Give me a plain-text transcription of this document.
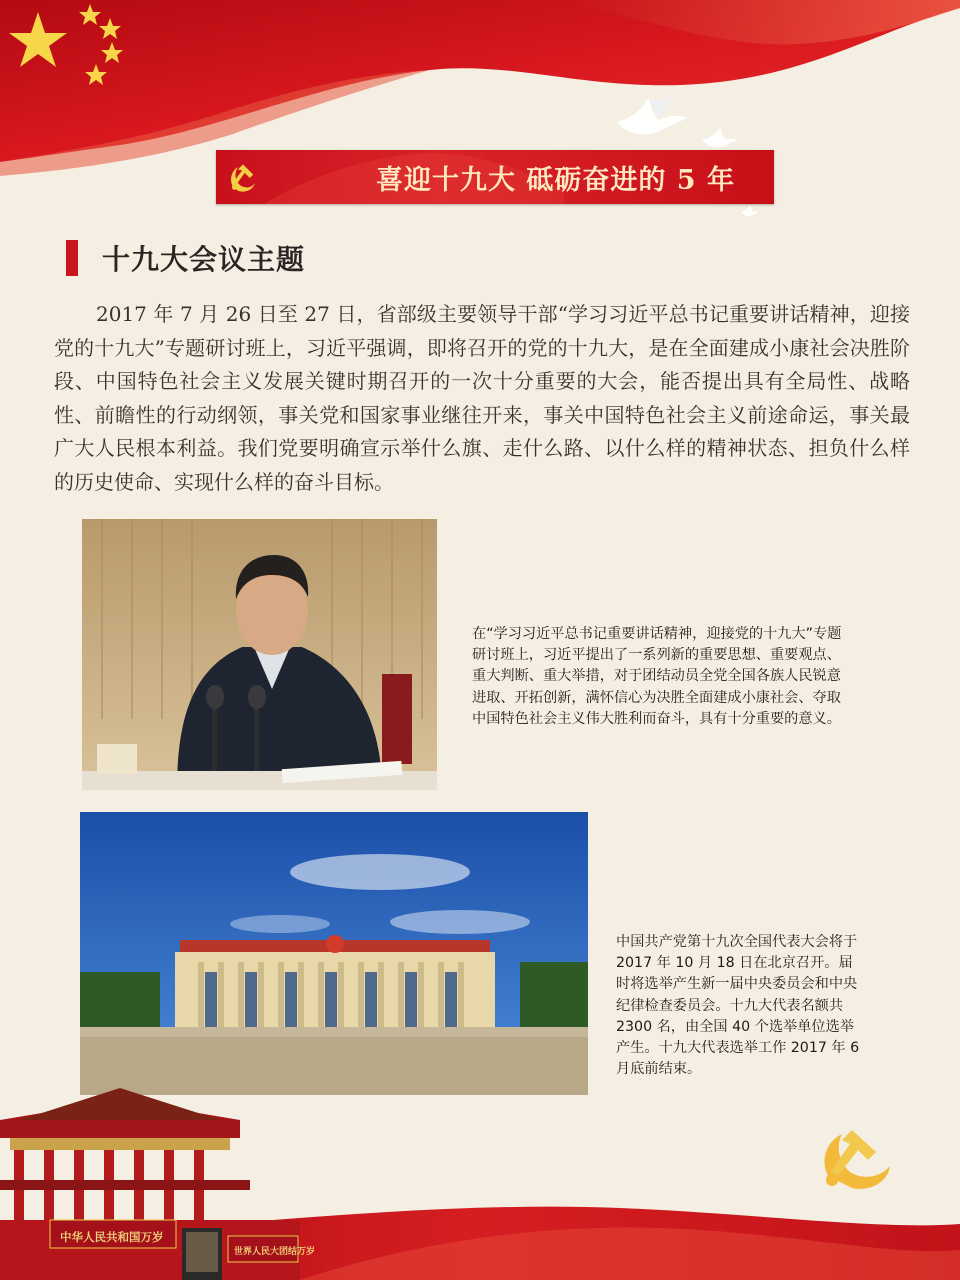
喜迎十九大 砥砺奋进的 5 年
十九大会议主题
2017 年 7 月 26 日至 27 日，省部级主要领导干部“学习习近平总书记重要讲话精神，迎接党的十九大”专题研讨班上，习近平强调，即将召开的党的十九大，是在全面建成小康社会决胜阶段、中国特色社会主义发展关键时期召开的一次十分重要的大会，能否提出具有全局性、战略性、前瞻性的行动纲领，事关党和国家事业继往开来，事关中国特色社会主义前途命运，事关最广大人民根本利益。我们党要明确宣示举什么旗、走什么路、以什么样的精神状态、担负什么样的历史使命、实现什么样的奋斗目标。
在“学习习近平总书记重要讲话精神，迎接党的十九大”专题研讨班上，习近平提出了一系列新的重要思想、重要观点、重大判断、重大举措，对于团结动员全党全国各族人民锐意进取、开拓创新，满怀信心为决胜全面建成小康社会、夺取中国特色社会主义伟大胜利而奋斗，具有十分重要的意义。
中国共产党第十九次全国代表大会将于 2017 年 10 月 18 日在北京召开。届时将选举产生新一届中央委员会和中央纪律检查委员会。十九大代表名额共 2300 名，由全国 40 个选举单位选举产生。十九大代表选举工作 2017 年 6 月底前结束。
中华人民共和国万岁
世界人民大团结万岁
